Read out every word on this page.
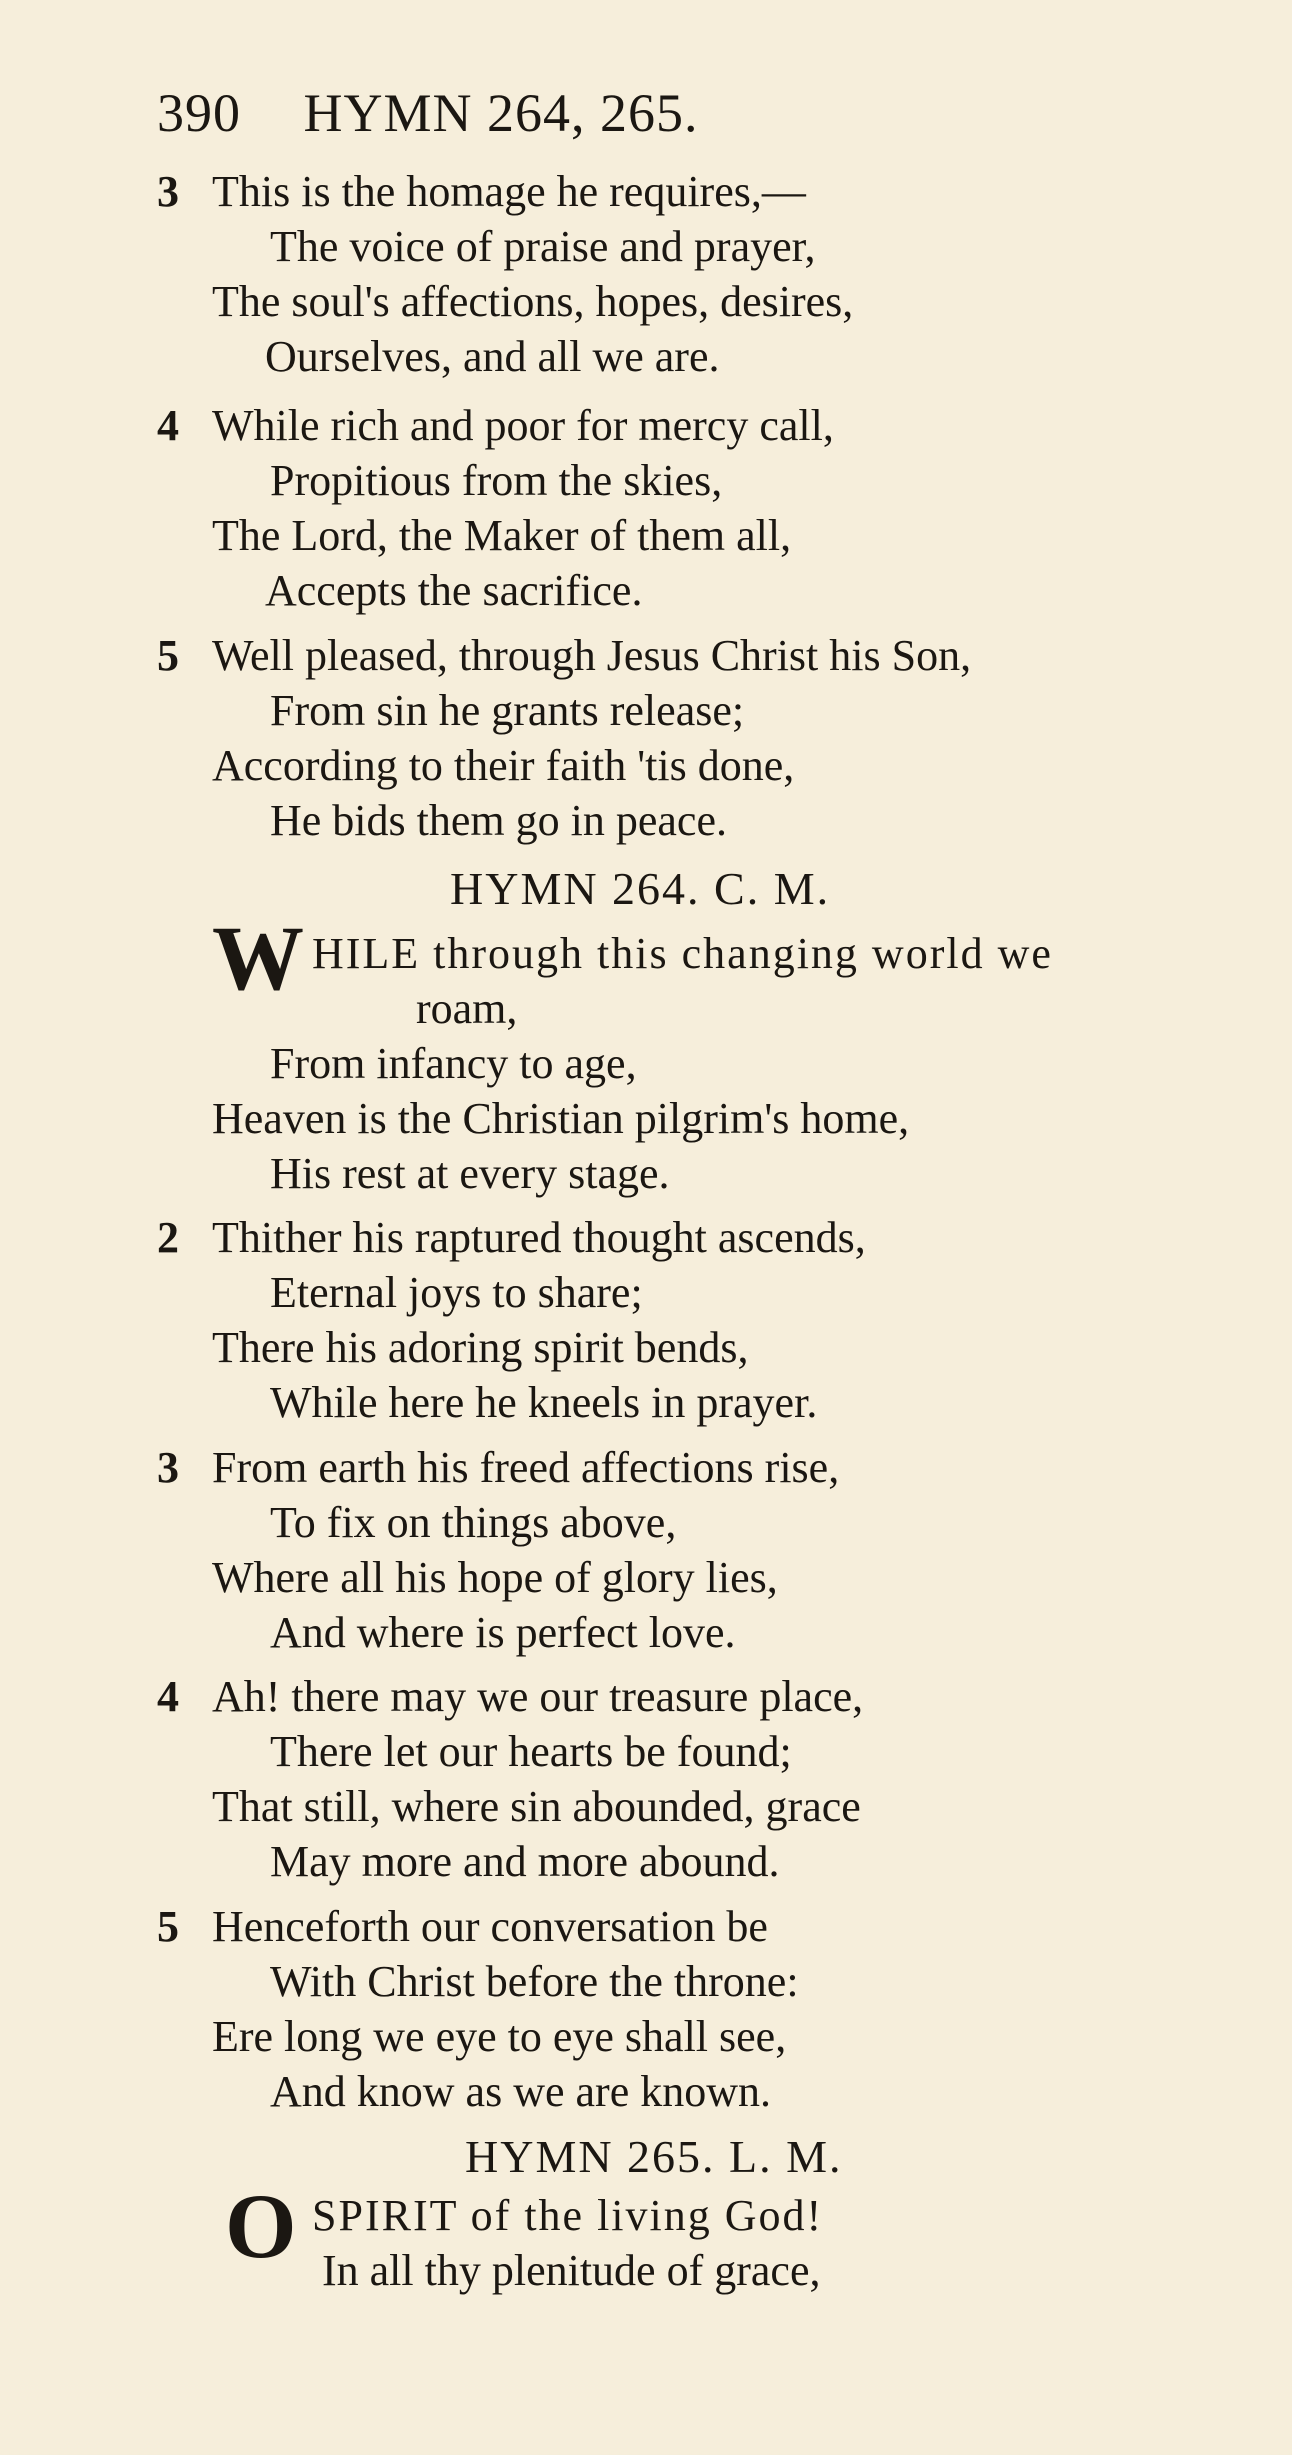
390 HYMN 264, 265.
3 This is the homage he requires,—
The voice of praise and prayer,
The soul's affections, hopes, desires,
Ourselves, and all we are.
4 While rich and poor for mercy call,
Propitious from the skies,
The Lord, the Maker of them all,
Accepts the sacrifice.
5 Well pleased, through Jesus Christ his Son,
From sin he grants release;
According to their faith 'tis done,
He bids them go in peace.
HYMN 264. C. M.
W HILE through this changing world we
roam,
From infancy to age,
Heaven is the Christian pilgrim's home,
His rest at every stage.
2 Thither his raptured thought ascends,
Eternal joys to share;
There his adoring spirit bends,
While here he kneels in prayer.
3 From earth his freed affections rise,
To fix on things above,
Where all his hope of glory lies,
And where is perfect love.
4 Ah! there may we our treasure place,
There let our hearts be found;
That still, where sin abounded, grace
May more and more abound.
5 Henceforth our conversation be
With Christ before the throne:
Ere long we eye to eye shall see,
And know as we are known.
HYMN 265. L. M.
O SPIRIT of the living God!
In all thy plenitude of grace,
